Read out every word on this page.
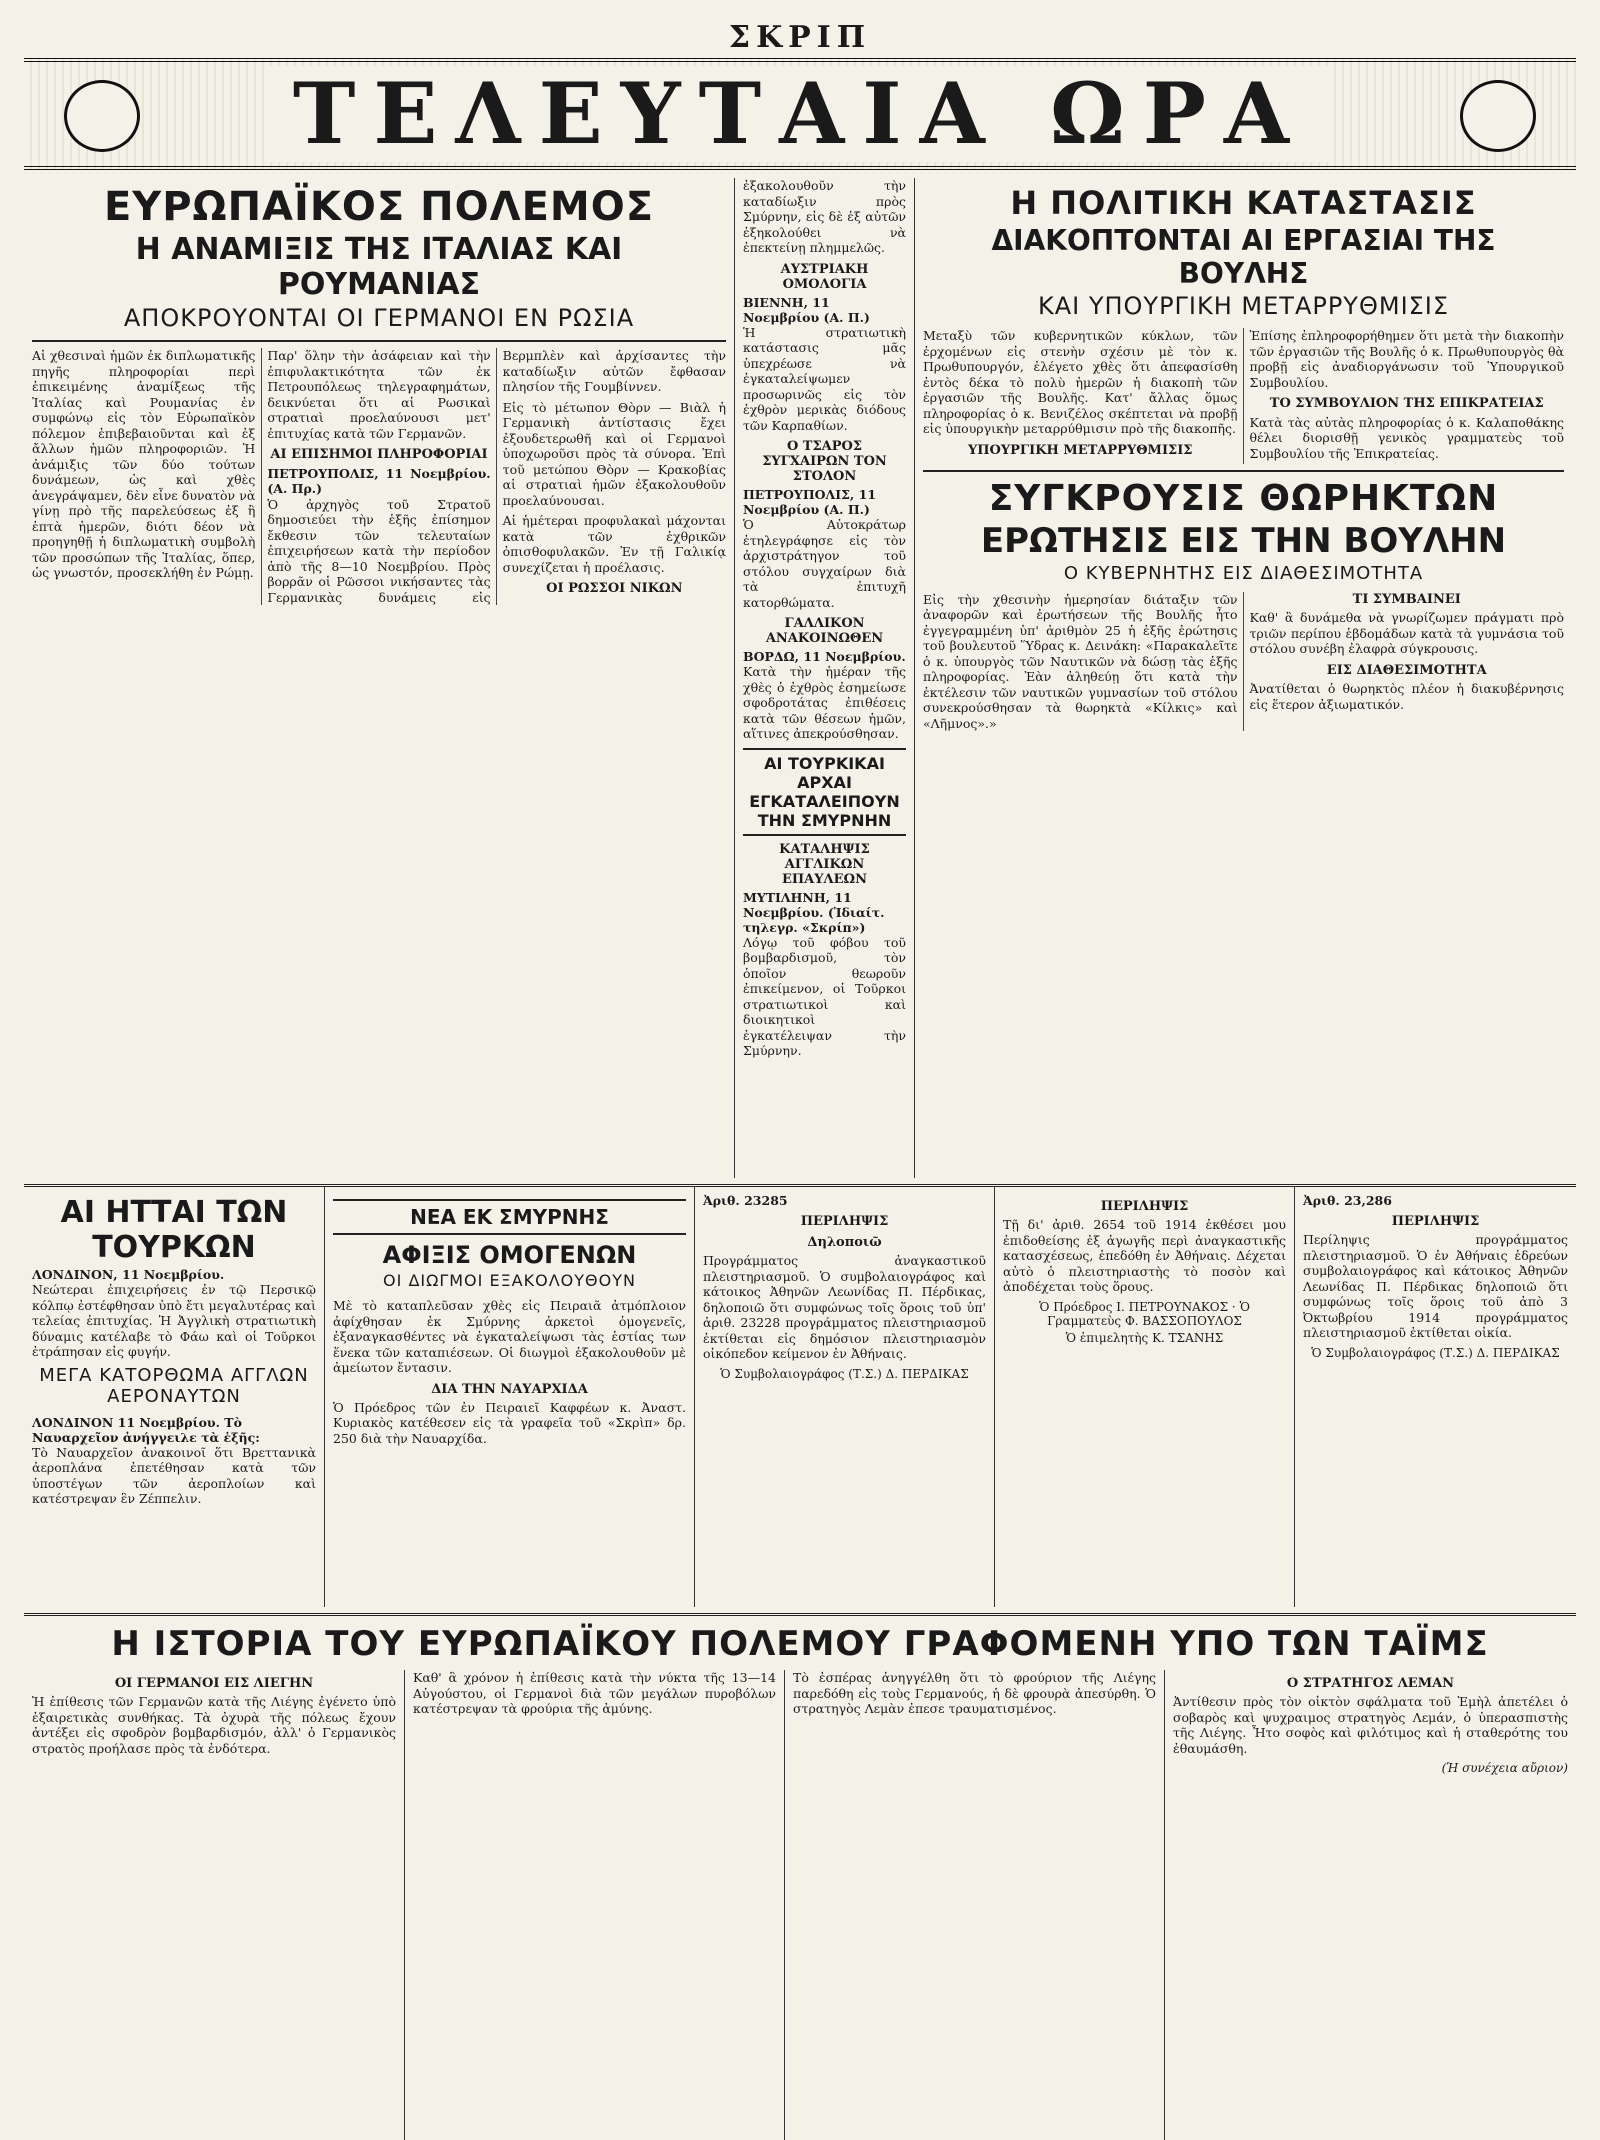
ΣΚΡΙΠ
ΤΕΛΕΥΤΑΙΑ ΩΡΑ
ΕΥΡΩΠΑΪΚΟΣ ΠΟΛΕΜΟΣ
Η ΑΝΑΜΙΞΙΣ ΤΗΣ ΙΤΑΛΙΑΣ ΚΑΙ ΡΟΥΜΑΝΙΑΣ
ΑΠΟΚΡΟΥΟΝΤΑΙ ΟΙ ΓΕΡΜΑΝΟΙ ΕΝ ΡΩΣΙΑ

Αἱ χθεσιναὶ ἡμῶν ἐκ διπλωματικῆς πηγῆς πληροφορίαι περὶ ἐπικειμένης ἀναμίξεως τῆς Ἰταλίας καὶ Ρουμανίας ἐν συμφώνῳ εἰς τὸν Εὐρωπαϊκὸν πόλεμον ἐπιβεβαιοῦνται καὶ ἐξ ἄλλων ἡμῶν πληροφοριῶν. Ἡ ἀνάμιξις τῶν δύο τούτων δυνάμεων, ὡς καὶ χθὲς ἀνεγράψαμεν, δὲν εἶνε δυνατὸν νὰ γίνῃ πρὸ τῆς παρελεύσεως ἐξ ἢ ἑπτὰ ἡμερῶν, διότι δέον νὰ προηγηθῇ ἡ διπλωματικὴ συμβολὴ τῶν προσώπων τῆς Ἰταλίας, ὅπερ, ὡς γνωστόν, προσεκλήθη ἐν Ρώμῃ.

Παρ' ὅλην τὴν ἀσάφειαν καὶ τὴν ἐπιφυλακτικότητα τῶν ἐκ Πετρουπόλεως τηλεγραφημάτων, δεικνύεται ὅτι αἱ Ρωσικαὶ στρατιαὶ προελαύνουσι μετ' ἐπιτυχίας κατὰ τῶν Γερμανῶν.

ΑΙ ΕΠΙΣΗΜΟΙ ΠΛΗΡΟΦΟΡΙΑΙ
ΠΕΤΡΟΥΠΟΛΙΣ, 11 Νοεμβρίου. (Α. Πρ.)

Ὁ ἀρχηγὸς τοῦ Στρατοῦ δημοσιεύει τὴν ἑξῆς ἐπίσημον ἔκθεσιν τῶν τελευταίων ἐπιχειρήσεων κατὰ τὴν περίοδον ἀπὸ τῆς 8—10 Νοεμβρίου. Πρὸς βορρᾶν οἱ Ρῶσσοι νικήσαντες τὰς Γερμανικὰς δυνάμεις εἰς Βερμπλὲν καὶ ἀρχίσαντες τὴν καταδίωξιν αὐτῶν ἔφθασαν πλησίον τῆς Γουμβίννεν.

Εἰς τὸ μέτωπον Θὸρν — Βιὰλ ἡ Γερμανικὴ ἀντίστασις ἔχει ἐξουδετερωθῆ καὶ οἱ Γερμανοὶ ὑποχωροῦσι πρὸς τὰ σύνορα. Ἐπὶ τοῦ μετώπου Θὸρν — Κρακοβίας αἱ στρατιαὶ ἡμῶν ἐξακολουθοῦν προελαύνουσαι.

Αἱ ἡμέτεραι προφυλακαὶ μάχονται κατὰ τῶν ἐχθρικῶν ὀπισθοφυλακῶν. Ἐν τῇ Γαλικίᾳ συνεχίζεται ἡ προέλασις.

ΟΙ ΡΩΣΣΟΙ ΝΙΚΩΝ

ἐξακολουθοῦν τὴν καταδίωξιν πρὸς Σμύρνην, εἰς δὲ ἐξ αὐτῶν ἐξηκολούθει νὰ ἐπεκτείνῃ πλημμελῶς.

ΑΥΣΤΡΙΑΚΗ ΟΜΟΛΟΓΙΑ
ΒΙΕΝΝΗ, 11 Νοεμβρίου (Α. Π.)

Ἡ στρατιωτικὴ κατάστασις μᾶς ὑπεχρέωσε νὰ ἐγκαταλείψωμεν προσωρινῶς εἰς τὸν ἐχθρὸν μερικὰς διόδους τῶν Καρπαθίων.

Ο ΤΣΑΡΟΣ ΣΥΓΧΑΙΡΩΝ ΤΟΝ ΣΤΟΛΟΝ
ΠΕΤΡΟΥΠΟΛΙΣ, 11 Νοεμβρίου (Α. Π.)

Ὁ Αὐτοκράτωρ ἐτηλεγράφησε εἰς τὸν ἀρχιστράτηγον τοῦ στόλου συγχαίρων διὰ τὰ ἐπιτυχῆ κατορθώματα.

ΓΑΛΛΙΚΟΝ ΑΝΑΚΟΙΝΩΘΕΝ
ΒΟΡΔΩ, 11 Νοεμβρίου.

Κατὰ τὴν ἡμέραν τῆς χθὲς ὁ ἐχθρὸς ἐσημείωσε σφοδροτάτας ἐπιθέσεις κατὰ τῶν θέσεων ἡμῶν, αἵτινες ἀπεκρούσθησαν.

ΑΙ ΤΟΥΡΚΙΚΑΙ ΑΡΧΑΙ ΕΓΚΑΤΑΛΕΙΠΟΥΝ ΤΗΝ ΣΜΥΡΝΗΝ
ΚΑΤΑΛΗΨΙΣ ΑΓΓΛΙΚΩΝ ΕΠΑΥΛΕΩΝ
ΜΥΤΙΛΗΝΗ, 11 Νοεμβρίου. (Ἰδιαίτ. τηλεγρ. «Σκρίπ»)

Λόγῳ τοῦ φόβου τοῦ βομβαρδισμοῦ, τὸν ὁποῖον θεωροῦν ἐπικείμενον, οἱ Τοῦρκοι στρατιωτικοὶ καὶ διοικητικοὶ ἐγκατέλειψαν τὴν Σμύρνην.

Η ΠΟΛΙΤΙΚΗ ΚΑΤΑΣΤΑΣΙΣ
ΔΙΑΚΟΠΤΟΝΤΑΙ ΑΙ ΕΡΓΑΣΙΑΙ ΤΗΣ ΒΟΥΛΗΣ
ΚΑΙ ΥΠΟΥΡΓΙΚΗ ΜΕΤΑΡΡΥΘΜΙΣΙΣ

Μεταξὺ τῶν κυβερνητικῶν κύκλων, τῶν ἐρχομένων εἰς στενὴν σχέσιν μὲ τὸν κ. Πρωθυπουργόν, ἐλέγετο χθὲς ὅτι ἀπεφασίσθη ἐντὸς δέκα τὸ πολὺ ἡμερῶν ἡ διακοπὴ τῶν ἐργασιῶν τῆς Βουλῆς. Κατ' ἄλλας ὅμως πληροφορίας ὁ κ. Βενιζέλος σκέπτεται νὰ προβῇ εἰς ὑπουργικὴν μεταρρύθμισιν πρὸ τῆς διακοπῆς.

ΥΠΟΥΡΓΙΚΗ ΜΕΤΑΡΡΥΘΜΙΣΙΣ

Ἐπίσης ἐπληροφορήθημεν ὅτι μετὰ τὴν διακοπὴν τῶν ἐργασιῶν τῆς Βουλῆς ὁ κ. Πρωθυπουργὸς θὰ προβῇ εἰς ἀναδιοργάνωσιν τοῦ Ὑπουργικοῦ Συμβουλίου.

ΤΟ ΣΥΜΒΟΥΛΙΟΝ ΤΗΣ ΕΠΙΚΡΑΤΕΙΑΣ

Κατὰ τὰς αὐτὰς πληροφορίας ὁ κ. Καλαποθάκης θέλει διορισθῇ γενικὸς γραμματεὺς τοῦ Συμβουλίου τῆς Ἐπικρατείας.

ΣΥΓΚΡΟΥΣΙΣ ΘΩΡΗΚΤΩΝ
ΕΡΩΤΗΣΙΣ ΕΙΣ ΤΗΝ ΒΟΥΛΗΝ
Ο ΚΥΒΕΡΝΗΤΗΣ ΕΙΣ ΔΙΑΘΕΣΙΜΟΤΗΤΑ

Εἰς τὴν χθεσινὴν ἡμερησίαν διάταξιν τῶν ἀναφορῶν καὶ ἐρωτήσεων τῆς Βουλῆς ἦτο ἐγγεγραμμένη ὑπ' ἀριθμὸν 25 ἡ ἑξῆς ἐρώτησις τοῦ βουλευτοῦ Ὕδρας κ. Δεινάκη: «Παρακαλεῖτε ὁ κ. ὑπουργὸς τῶν Ναυτικῶν νὰ δώσῃ τὰς ἑξῆς πληροφορίας. Ἐὰν ἀληθεύῃ ὅτι κατὰ τὴν ἐκτέλεσιν τῶν ναυτικῶν γυμνασίων τοῦ στόλου συνεκρούσθησαν τὰ θωρηκτὰ «Κίλκις» καὶ «Λῆμνος».»

ΤΙ ΣΥΜΒΑΙΝΕΙ

Καθ' ἃ δυνάμεθα νὰ γνωρίζωμεν πράγματι πρὸ τριῶν περίπου ἑβδομάδων κατὰ τὰ γυμνάσια τοῦ στόλου συνέβη ἐλαφρὰ σύγκρουσις.

ΕΙΣ ΔΙΑΘΕΣΙΜΟΤΗΤΑ

Ἀνατίθεται ὁ θωρηκτὸς πλέον ἡ διακυβέρνησις εἰς ἕτερον ἀξιωματικόν.

ΑΙ ΗΤΤΑΙ ΤΩΝ ΤΟΥΡΚΩΝ
ΛΟΝΔΙΝΟΝ, 11 Νοεμβρίου.

Νεώτεραι ἐπιχειρήσεις ἐν τῷ Περσικῷ κόλπῳ ἐστέφθησαν ὑπὸ ἔτι μεγαλυτέρας καὶ τελείας ἐπιτυχίας. Ἡ Ἀγγλικὴ στρατιωτικὴ δύναμις κατέλαβε τὸ Φάω καὶ οἱ Τοῦρκοι ἐτράπησαν εἰς φυγήν.

ΜΕΓΑ ΚΑΤΟΡΘΩΜΑ ΑΓΓΛΩΝ ΑΕΡΟΝΑΥΤΩΝ
ΛΟΝΔΙΝΟΝ 11 Νοεμβρίου. Τὸ Ναυαρχεῖον ἀνήγγειλε τὰ ἑξῆς:

Τὸ Ναυαρχεῖον ἀνακοινοῖ ὅτι Βρεττανικὰ ἀεροπλάνα ἐπετέθησαν κατὰ τῶν ὑποστέγων τῶν ἀεροπλοίων καὶ κατέστρεψαν ἓν Ζέππελιν.

ΝΕΑ ΕΚ ΣΜΥΡΝΗΣ
ΑΦΙΞΙΣ ΟΜΟΓΕΝΩΝ
ΟΙ ΔΙΩΓΜΟΙ ΕΞΑΚΟΛΟΥΘΟΥΝ

Μὲ τὸ καταπλεῦσαν χθὲς εἰς Πειραιᾶ ἀτμόπλοιον ἀφίχθησαν ἐκ Σμύρνης ἀρκετοὶ ὁμογενεῖς, ἐξαναγκασθέντες νὰ ἐγκαταλείψωσι τὰς ἑστίας των ἕνεκα τῶν καταπιέσεων. Οἱ διωγμοὶ ἐξακολουθοῦν μὲ ἀμείωτον ἔντασιν.

ΔΙΑ ΤΗΝ ΝΑΥΑΡΧΙΔΑ

Ὁ Πρόεδρος τῶν ἐν Πειραιεῖ Καφφέων κ. Ἀναστ. Κυριακὸς κατέθεσεν εἰς τὰ γραφεῖα τοῦ «Σκρὶπ» δρ. 250 διὰ τὴν Ναυαρχίδα.

Ἀριθ. 23285
ΠΕΡΙΛΗΨΙΣ
Δηλοποιῶ

Προγράμματος ἀναγκαστικοῦ πλειστηριασμοῦ. Ὁ συμβολαιογράφος καὶ κάτοικος Ἀθηνῶν Λεωνίδας Π. Πέρδικας, δηλοποιῶ ὅτι συμφώνως τοῖς ὅροις τοῦ ὑπ' ἀριθ. 23228 προγράμματος πλειστηριασμοῦ ἐκτίθεται εἰς δημόσιον πλειστηριασμὸν οἰκόπεδον κείμενον ἐν Ἀθήναις.

Ὁ Συμβολαιογράφος (Τ.Σ.) Δ. ΠΕΡΔΙΚΑΣ
ΠΕΡΙΛΗΨΙΣ

Τῇ δι' ἀριθ. 2654 τοῦ 1914 ἐκθέσει μου ἐπιδοθείσης ἐξ ἀγωγῆς περὶ ἀναγκαστικῆς κατασχέσεως, ἐπεδόθη ἐν Ἀθήναις. Δέχεται αὐτὸ ὁ πλειστηριαστὴς τὸ ποσὸν καὶ ἀποδέχεται τοὺς ὅρους.

Ὁ Πρόεδρος Ι. ΠΕΤΡΟΥΝΑΚΟΣ · Ὁ Γραμματεὺς Φ. ΒΑΣΣΟΠΟΥΛΟΣ
Ὁ ἐπιμελητὴς Κ. ΤΣΑΝΗΣ
Ἀριθ. 23,286
ΠΕΡΙΛΗΨΙΣ

Περίληψις προγράμματος πλειστηριασμοῦ. Ὁ ἐν Ἀθήναις ἑδρεύων συμβολαιογράφος καὶ κάτοικος Ἀθηνῶν Λεωνίδας Π. Πέρδικας δηλοποιῶ ὅτι συμφώνως τοῖς ὅροις τοῦ ἀπὸ 3 Ὀκτωβρίου 1914 προγράμματος πλειστηριασμοῦ ἐκτίθεται οἰκία.

Ὁ Συμβολαιογράφος (Τ.Σ.) Δ. ΠΕΡΔΙΚΑΣ
Η ΙΣΤΟΡΙΑ ΤΟΥ ΕΥΡΩΠΑΪΚΟΥ ΠΟΛΕΜΟΥ ΓΡΑΦΟΜΕΝΗ ΥΠΟ ΤΩΝ ΤΑΪΜΣ
ΟΙ ΓΕΡΜΑΝΟΙ ΕΙΣ ΛΙΕΓΗΝ

Ἡ ἐπίθεσις τῶν Γερμανῶν κατὰ τῆς Λιέγης ἐγένετο ὑπὸ ἐξαιρετικὰς συνθήκας. Τὰ ὀχυρὰ τῆς πόλεως ἔχουν ἀντέξει εἰς σφοδρὸν βομβαρδισμόν, ἀλλ' ὁ Γερμανικὸς στρατὸς προήλασε πρὸς τὰ ἐνδότερα.

Καθ' ἃ χρόνον ἡ ἐπίθεσις κατὰ τὴν νύκτα τῆς 13—14 Αὐγούστου, οἱ Γερμανοὶ διὰ τῶν μεγάλων πυροβόλων κατέστρεψαν τὰ φρούρια τῆς ἀμύνης.

Τὸ ἐσπέρας ἀνηγγέλθη ὅτι τὸ φρούριον τῆς Λιέγης παρεδόθη εἰς τοὺς Γερμανούς, ἡ δὲ φρουρὰ ἀπεσύρθη. Ὁ στρατηγὸς Λεμὰν ἐπεσε τραυματισμένος.

Ο ΣΤΡΑΤΗΓΟΣ ΛΕΜΑΝ

Ἀντίθεσιν πρὸς τὸν οἰκτὸν σφάλματα τοῦ Ἐμὴλ ἀπετέλει ὁ σοβαρὸς καὶ ψυχραιμος στρατηγὸς Λεμάν, ὁ ὑπερασπιστὴς τῆς Λιέγης. Ἦτο σοφὸς καὶ φιλότιμος καὶ ἡ σταθερότης του ἐθαυμάσθη.

(Ἡ συνέχεια αὔριον)
